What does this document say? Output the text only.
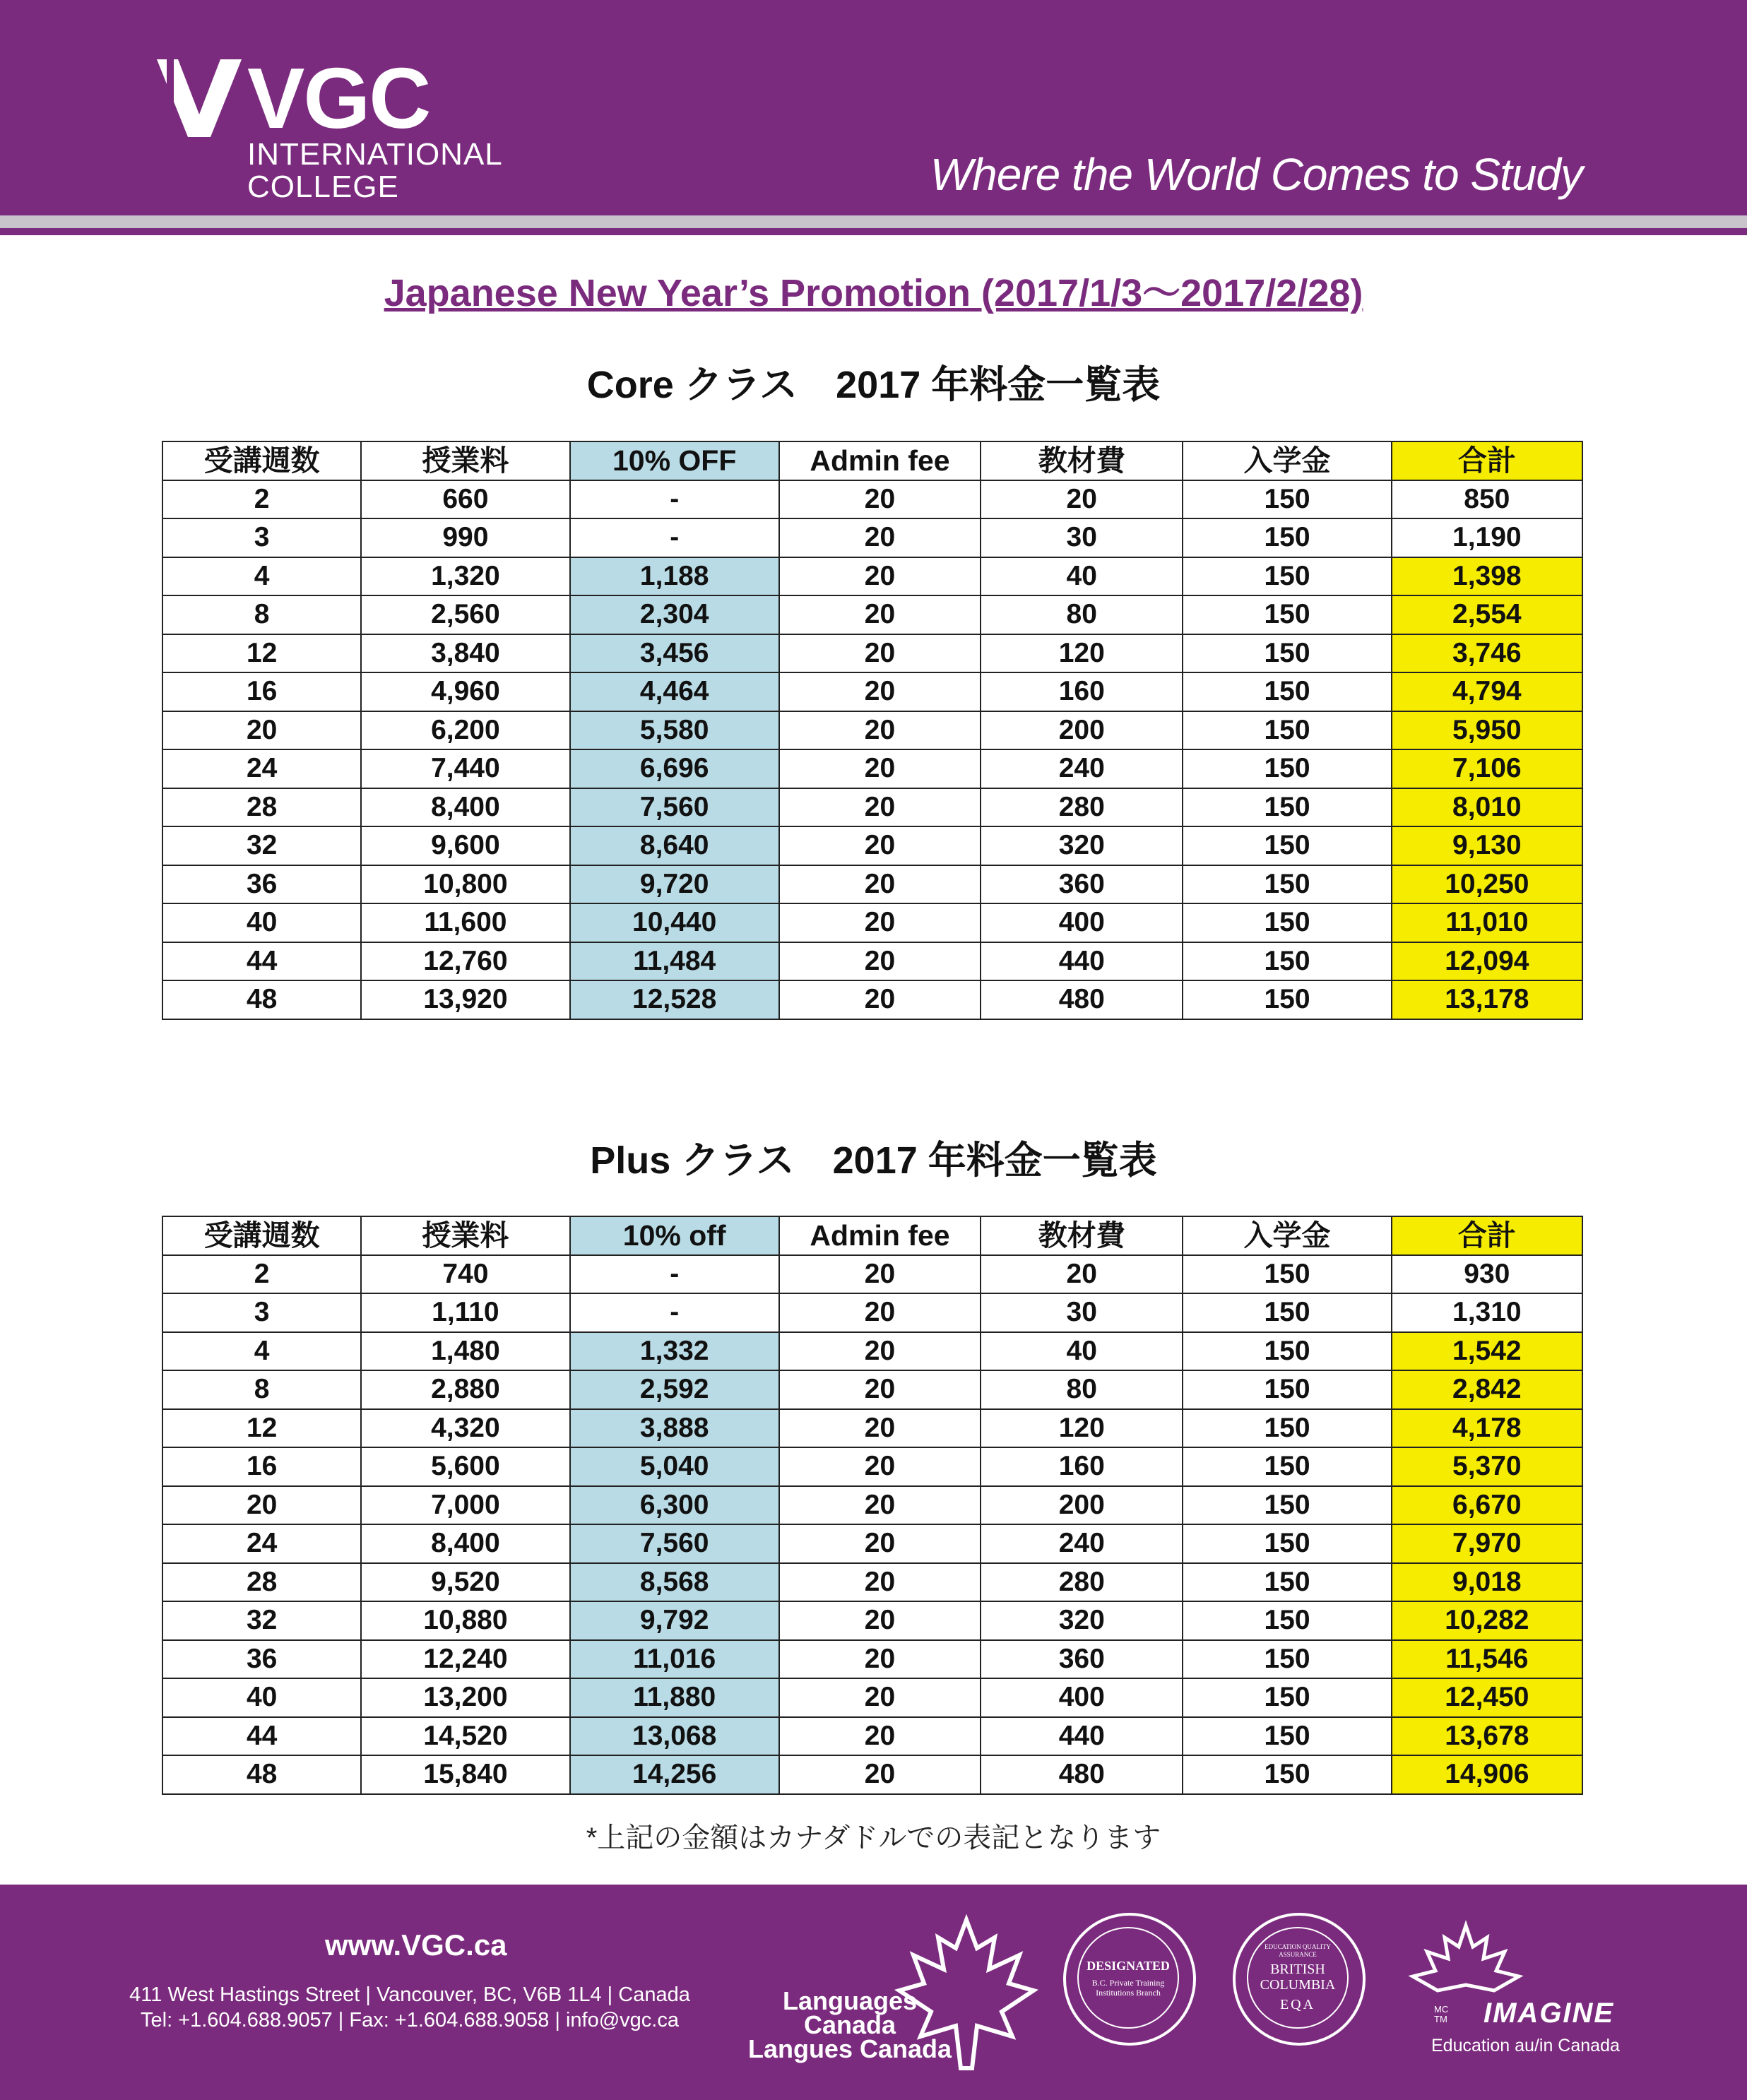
VGC
INTERNATIONAL
COLLEGE	Where the World Comes to Study
Japanese New Year’s Promotion (2017/1/3～2017/2/28)
Core クラス　2017 年料金一覧表
受講週数	授業料	10% OFF	Admin fee	教材費	入学金	合計
2	660	-	20	20	150	850
3	990	-	20	30	150	1,190
4	1,320	1,188	20	40	150	1,398
8	2,560	2,304	20	80	150	2,554
12	3,840	3,456	20	120	150	3,746
16	4,960	4,464	20	160	150	4,794
20	6,200	5,580	20	200	150	5,950
24	7,440	6,696	20	240	150	7,106
28	8,400	7,560	20	280	150	8,010
32	9,600	8,640	20	320	150	9,130
36	10,800	9,720	20	360	150	10,250
40	11,600	10,440	20	400	150	11,010
44	12,760	11,484	20	440	150	12,094
48	13,920	12,528	20	480	150	13,178
Plus クラス　2017 年料金一覧表
受講週数	授業料	10% off	Admin fee	教材費	入学金	合計
2	740	-	20	20	150	930
3	1,110	-	20	30	150	1,310
4	1,480	1,332	20	40	150	1,542
8	2,880	2,592	20	80	150	2,842
12	4,320	3,888	20	120	150	4,178
16	5,600	5,040	20	160	150	5,370
20	7,000	6,300	20	200	150	6,670
24	8,400	7,560	20	240	150	7,970
28	9,520	8,568	20	280	150	9,018
32	10,880	9,792	20	320	150	10,282
36	12,240	11,016	20	360	150	11,546
40	13,200	11,880	20	400	150	12,450
44	14,520	13,068	20	440	150	13,678
48	15,840	14,256	20	480	150	14,906
*上記の金額はカナダドルでの表記となります
www.VGC.ca
411 West Hastings Street | Vancouver, BC, V6B 1L4 | Canada
Tel: +1.604.688.9057 | Fax: +1.604.688.9058 | info@vgc.ca
Languages Canada
Langues Canada
DESIGNATED
B.C. Private Training Institutions Branch
EDUCATION QUALITY ASSURANCE
BRITISH
COLUMBIA
EQA	MC TM IMAGINE
Education au/in Canada
